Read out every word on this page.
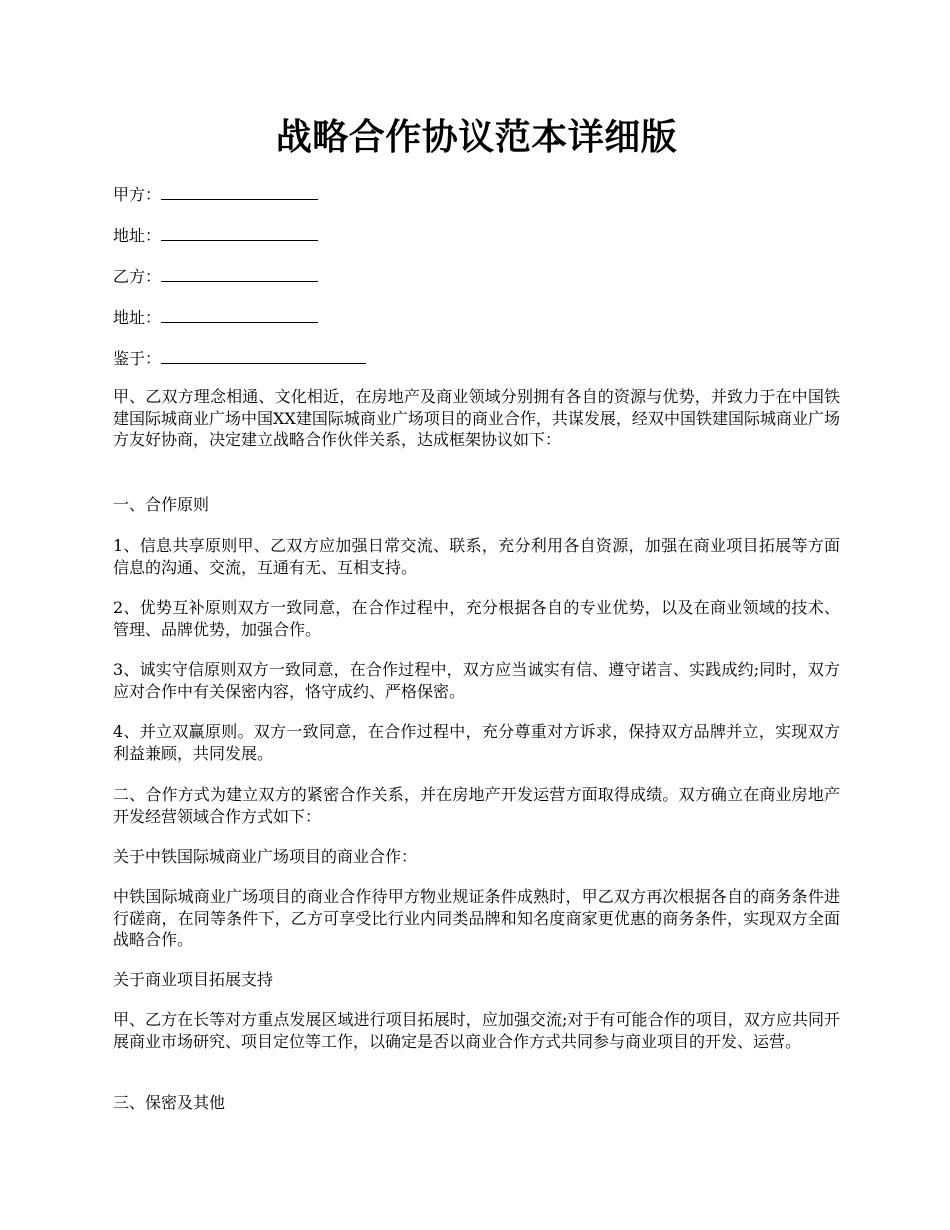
战略合作协议范本详细版
甲方：
地址：
乙方：
地址：
鉴于：

甲、乙双方理念相通、文化相近，在房地产及商业领域分别拥有各自的资源与优势，并致力于在中国铁建国际城商业广场中国XX建国际城商业广场项目的商业合作，共谋发展，经双中国铁建国际城商业广场方友好协商，决定建立战略合作伙伴关系，达成框架协议如下：

一、合作原则

1、信息共享原则甲、乙双方应加强日常交流、联系，充分利用各自资源，加强在商业项目拓展等方面信息的沟通、交流，互通有无、互相支持。

2、优势互补原则双方一致同意，在合作过程中，充分根据各自的专业优势，以及在商业领域的技术、管理、品牌优势，加强合作。

3、诚实守信原则双方一致同意，在合作过程中，双方应当诚实有信、遵守诺言、实践成约;同时，双方应对合作中有关保密内容，恪守成约、严格保密。

4、并立双赢原则。双方一致同意，在合作过程中，充分尊重对方诉求，保持双方品牌并立，实现双方利益兼顾，共同发展。

二、合作方式为建立双方的紧密合作关系，并在房地产开发运营方面取得成绩。双方确立在商业房地产开发经营领域合作方式如下：

关于中铁国际城商业广场项目的商业合作：

中铁国际城商业广场项目的商业合作待甲方物业规证条件成熟时，甲乙双方再次根据各自的商务条件进行磋商，在同等条件下，乙方可享受比行业内同类品牌和知名度商家更优惠的商务条件，实现双方全面战略合作。

关于商业项目拓展支持

甲、乙方在长等对方重点发展区域进行项目拓展时，应加强交流;对于有可能合作的项目，双方应共同开展商业市场研究、项目定位等工作，以确定是否以商业合作方式共同参与商业项目的开发、运营。

三、保密及其他
